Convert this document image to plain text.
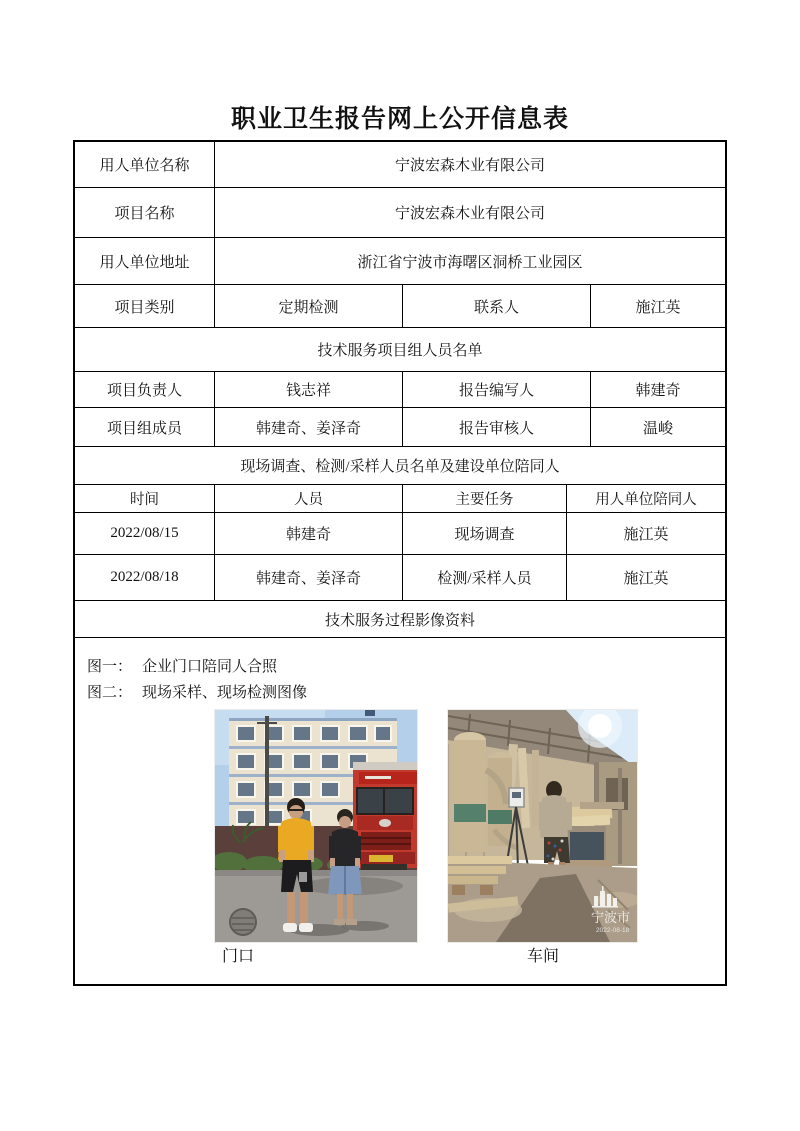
职业卫生报告网上公开信息表
用人单位名称	宁波宏森木业有限公司
项目名称	宁波宏森木业有限公司
用人单位地址	浙江省宁波市海曙区洞桥工业园区
项目类别	定期检测	联系人	施江英
技术服务项目组人员名单
项目负责人	钱志祥	报告编写人	韩建奇
项目组成员	韩建奇、姜泽奇	报告审核人	温峻
现场调查、检测/采样人员名单及建设单位陪同人
时间	人员	主要任务	用人单位陪同人
2022/08/15	韩建奇	现场调查	施江英
2022/08/18	韩建奇、姜泽奇	检测/采样人员	施江英
技术服务过程影像资料
图一： 企业门口陪同人合照
图二： 现场采样、现场检测图像
宁波市
2022-08-18
门口	车间
